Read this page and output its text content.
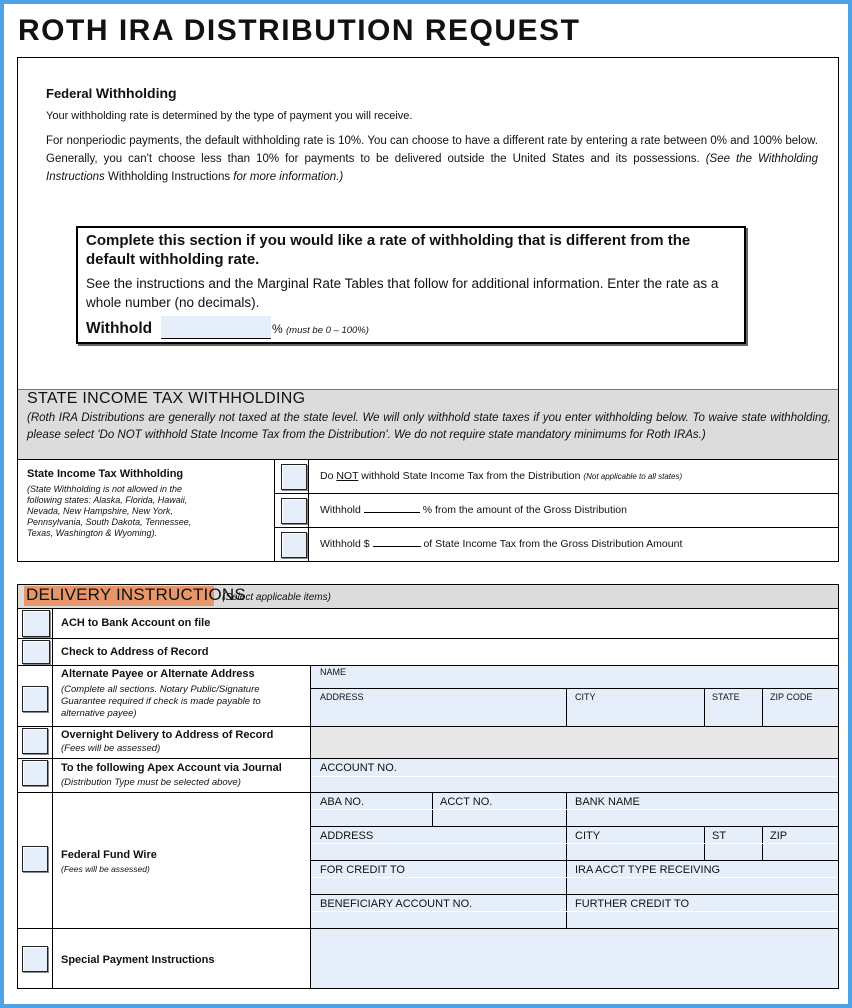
ROTH IRA DISTRIBUTION REQUEST
Federal Withholding
Your withholding rate is determined by the type of payment you will receive.
For nonperiodic payments, the default withholding rate is 10%. You can choose to have a different rate by entering a rate between 0% and 100% below. Generally, you can't choose less than 10% for payments to be delivered outside the United States and its possessions. (See the Withholding Instructions Withholding Instructions for more information.)
Complete this section if you would like a rate of withholding that is different from the default withholding rate.
See the instructions and the Marginal Rate Tables that follow for additional information. Enter the rate as a whole number (no decimals).
Withhold	% (must be 0 – 100%)
STATE INCOME TAX WITHHOLDING
(Roth IRA Distributions are generally not taxed at the state level. We will only withhold state taxes if you enter withholding below. To waive state withholding, please select 'Do NOT withhold State Income Tax from the Distribution'. We do not require state mandatory minimums for Roth IRAs.)
State Income Tax Withholding
(State Withholding is not allowed in the following states: Alaska, Florida, Hawaii, Nevada, New Hampshire, New York, Pennsylvania, South Dakota, Tennessee, Texas, Washington & Wyoming).
Do NOT withhold State Income Tax from the Distribution (Not applicable to all states)
Withhold	% from the amount of the Gross Distribution
Withhold $	of State Income Tax from the Gross Distribution Amount
DELIVERY INSTRUCTIONS
(Select applicable items)
ACH to Bank Account on file
Check to Address of Record
Alternate Payee or Alternate Address
(Complete all sections. Notary Public/Signature Guarantee required if check is made payable to alternative payee)
NAME
ADDRESS	CITY	STATE	ZIP CODE
Overnight Delivery to Address of Record
(Fees will be assessed)
To the following Apex Account via Journal
(Distribution Type must be selected above)
ACCOUNT NO.
Federal Fund Wire
(Fees will be assessed)
ABA NO.	ACCT NO.	BANK NAME
ADDRESS	CITY	ST	ZIP
FOR CREDIT TO	IRA ACCT TYPE RECEIVING
BENEFICIARY ACCOUNT NO.	FURTHER CREDIT TO
Special Payment Instructions
